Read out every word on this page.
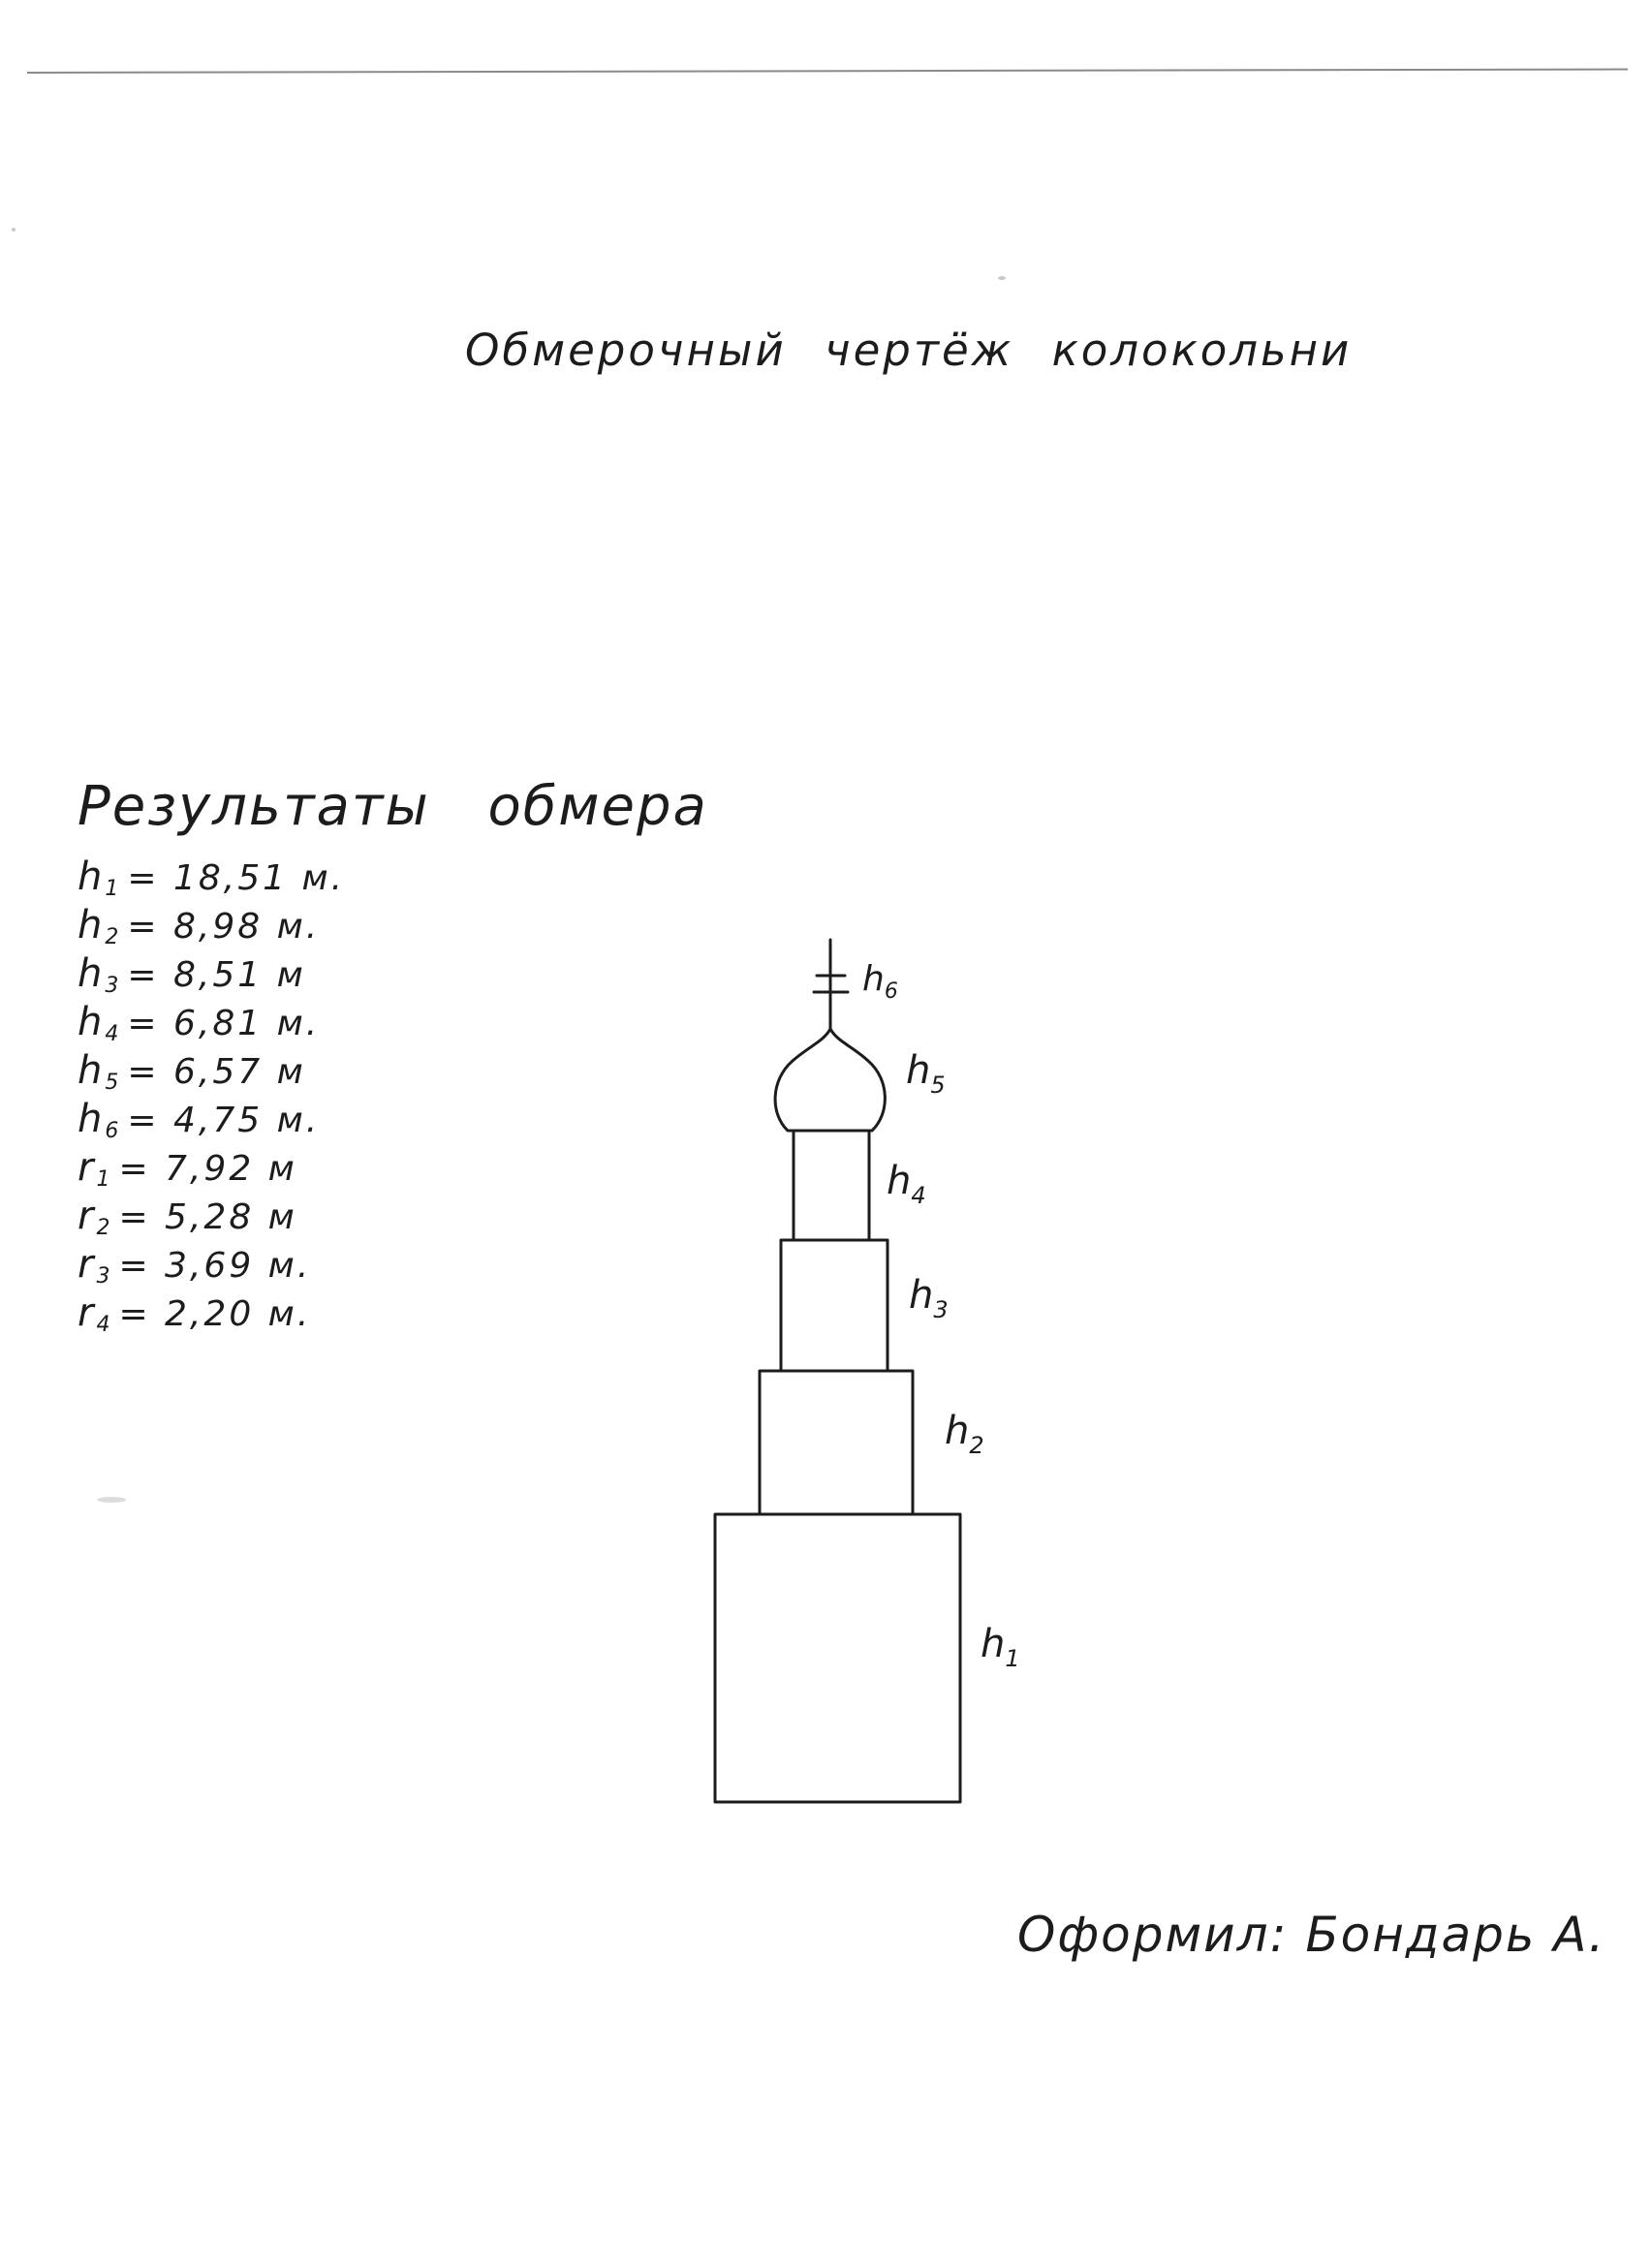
Обмерочный чертёж колокольни
Результаты обмера
$h_1 = 18,51$ м.
$h_2 = 8,98$ м.
$h_3 = 8,51$ м
$h_4 = 6,81$ м.
$h_5 = 6,57$ м
$h_6 = 4,75$ м.
$r_1 = 7,92$ м
$r_2 = 5,28$ м
$r_3 = 3,69$ м.
$r_4 = 2,20$ м.
$h_1$
$h_2$
$h_3$
$h_4$
$h_5$
$h_6$
Оформил: Бондарь А.
